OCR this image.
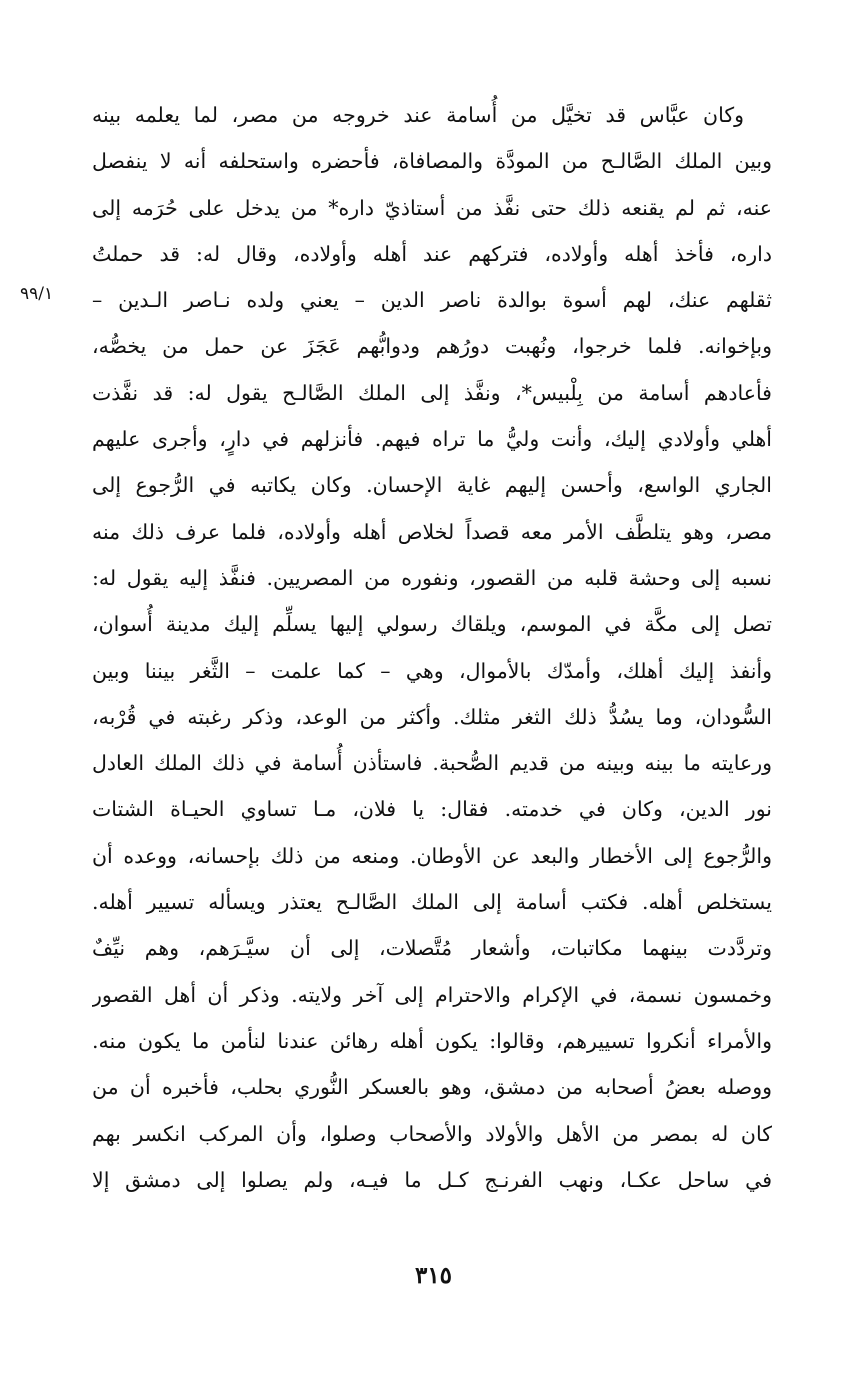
٩٩/١
وكان عبَّاس قد تخيَّل من أُسامة عند خروجه من مصر، لما يعلمه بينه
وبين الملك الصَّالـح من المودَّة والمصافاة، فأحضره واستحلفه أنه لا ينفصل
عنه، ثم لم يقنعه ذلك حتى نفَّذ من أستاذيّ داره* من يدخل على حُرَمه إلى
داره، فأخذ أهله وأولاده، فتركهم عند أهله وأولاده، وقال له: قد حملتُ
ثقلهم عنك، لهم أسوة بوالدة ناصر الدين – يعني ولده نـاصر الـدين –
وبإخوانه. فلما خرجوا، ونُهبت دورُهم ودوابُّهم عَجَزَ عن حمل من يخصُّه،
فأعادهم أسامة من بِلْبيس*، ونفَّذ إلى الملك الصَّالـح يقول له: قد نفَّذت
أهلي وأولادي إليك، وأنت وليُّ ما تراه فيهم. فأنزلهم في دارٍ، وأجرى عليهم
الجاري الواسع، وأحسن إليهم غاية الإحسان. وكان يكاتبه في الرُّجوع إلى
مصر، وهو يتلطَّف الأمر معه قصداً لخلاص أهله وأولاده، فلما عرف ذلك منه
نسبه إلى وحشة قلبه من القصور، ونفوره من المصريين. فنفَّذ إليه يقول له:
تصل إلى مكَّة في الموسم، ويلقاك رسولي إليها يسلِّم إليك مدينة أُسوان،
وأنفذ إليك أهلك، وأمدّك بالأموال، وهي – كما علمت – الثَّغر بيننا وبين
السُّودان، وما يسُدُّ ذلك الثغر مثلك. وأكثر من الوعد، وذكر رغبته في قُرْبه،
ورعايته ما بينه وبينه من قديم الصُّحبة. فاستأذن أُسامة في ذلك الملك العادل
نور الدين، وكان في خدمته. فقال: يا فلان، مـا تساوي الحيـاة الشتات
والرُّجوع إلى الأخطار والبعد عن الأوطان. ومنعه من ذلك بإحسانه، ووعده أن
يستخلص أهله. فكتب أسامة إلى الملك الصَّالـح يعتذر ويسأله تسيير أهله.
وتردَّدت بينهما مكاتبات، وأشعار مُتَّصلات، إلى أن سيَّـرَهم، وهم نيِّفٌ
وخمسون نسمة، في الإكرام والاحترام إلى آخر ولايته. وذكر أن أهل القصور
والأمراء أنكروا تسييرهم، وقالوا: يكون أهله رهائن عندنا لنأمن ما يكون منه.
ووصله بعضُ أصحابه من دمشق، وهو بالعسكر النُّوري بحلب، فأخبره أن من
كان له بمصر من الأهل والأولاد والأصحاب وصلوا، وأن المركب انكسر بهم
في ساحل عكـا، ونهب الفرنـج كـل ما فيـه، ولم يصلوا إلى دمشق إلا
٣١٥
